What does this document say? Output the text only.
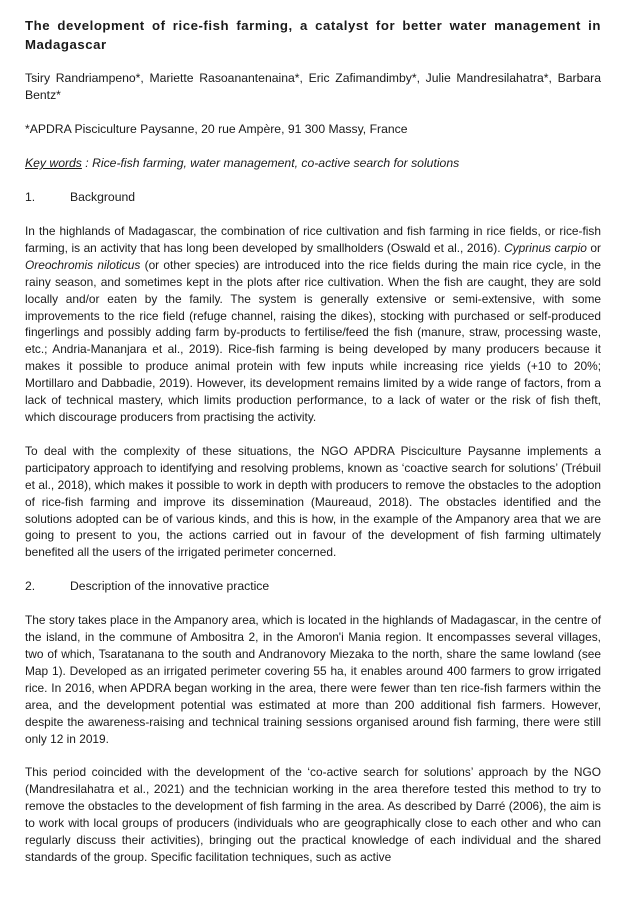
The development of rice-fish farming, a catalyst for better water management in Madagascar
Tsiry Randriampeno*, Mariette Rasoanantenaina*, Eric Zafimandimby*, Julie Mandresilahatra*, Barbara Bentz*
*APDRA Pisciculture Paysanne, 20 rue Ampère, 91 300 Massy, France
Key words : Rice-fish farming, water management, co-active search for solutions
1.	Background
In the highlands of Madagascar, the combination of rice cultivation and fish farming in rice fields, or rice-fish farming, is an activity that has long been developed by smallholders (Oswald et al., 2016). Cyprinus carpio or Oreochromis niloticus (or other species) are introduced into the rice fields during the main rice cycle, in the rainy season, and sometimes kept in the plots after rice cultivation. When the fish are caught, they are sold locally and/or eaten by the family. The system is generally extensive or semi-extensive, with some improvements to the rice field (refuge channel, raising the dikes), stocking with purchased or self-produced fingerlings and possibly adding farm by-products to fertilise/feed the fish (manure, straw, processing waste, etc.; Andria-Mananjara et al., 2019). Rice-fish farming is being developed by many producers because it makes it possible to produce animal protein with few inputs while increasing rice yields (+10 to 20%; Mortillaro and Dabbadie, 2019). However, its development remains limited by a wide range of factors, from a lack of technical mastery, which limits production performance, to a lack of water or the risk of fish theft, which discourage producers from practising the activity.
To deal with the complexity of these situations, the NGO APDRA Pisciculture Paysanne implements a participatory approach to identifying and resolving problems, known as ‘coactive search for solutions’ (Trébuil et al., 2018), which makes it possible to work in depth with producers to remove the obstacles to the adoption of rice-fish farming and improve its dissemination (Maureaud, 2018). The obstacles identified and the solutions adopted can be of various kinds, and this is how, in the example of the Ampanory area that we are going to present to you, the actions carried out in favour of the development of fish farming ultimately benefited all the users of the irrigated perimeter concerned.
2.	Description of the innovative practice
The story takes place in the Ampanory area, which is located in the highlands of Madagascar, in the centre of the island, in the commune of Ambositra 2, in the Amoron'i Mania region. It encompasses several villages, two of which, Tsaratanana to the south and Andranovory Miezaka to the north, share the same lowland (see Map 1). Developed as an irrigated perimeter covering 55 ha, it enables around 400 farmers to grow irrigated rice. In 2016, when APDRA began working in the area, there were fewer than ten rice-fish farmers within the area, and the development potential was estimated at more than 200 additional fish farmers. However, despite the awareness-raising and technical training sessions organised around fish farming, there were still only 12 in 2019.
This period coincided with the development of the ‘co-active search for solutions’ approach by the NGO (Mandresilahatra et al., 2021) and the technician working in the area therefore tested this method to try to remove the obstacles to the development of fish farming in the area. As described by Darré (2006), the aim is to work with local groups of producers (individuals who are geographically close to each other and who can regularly discuss their activities), bringing out the practical knowledge of each individual and the shared standards of the group. Specific facilitation techniques, such as active
